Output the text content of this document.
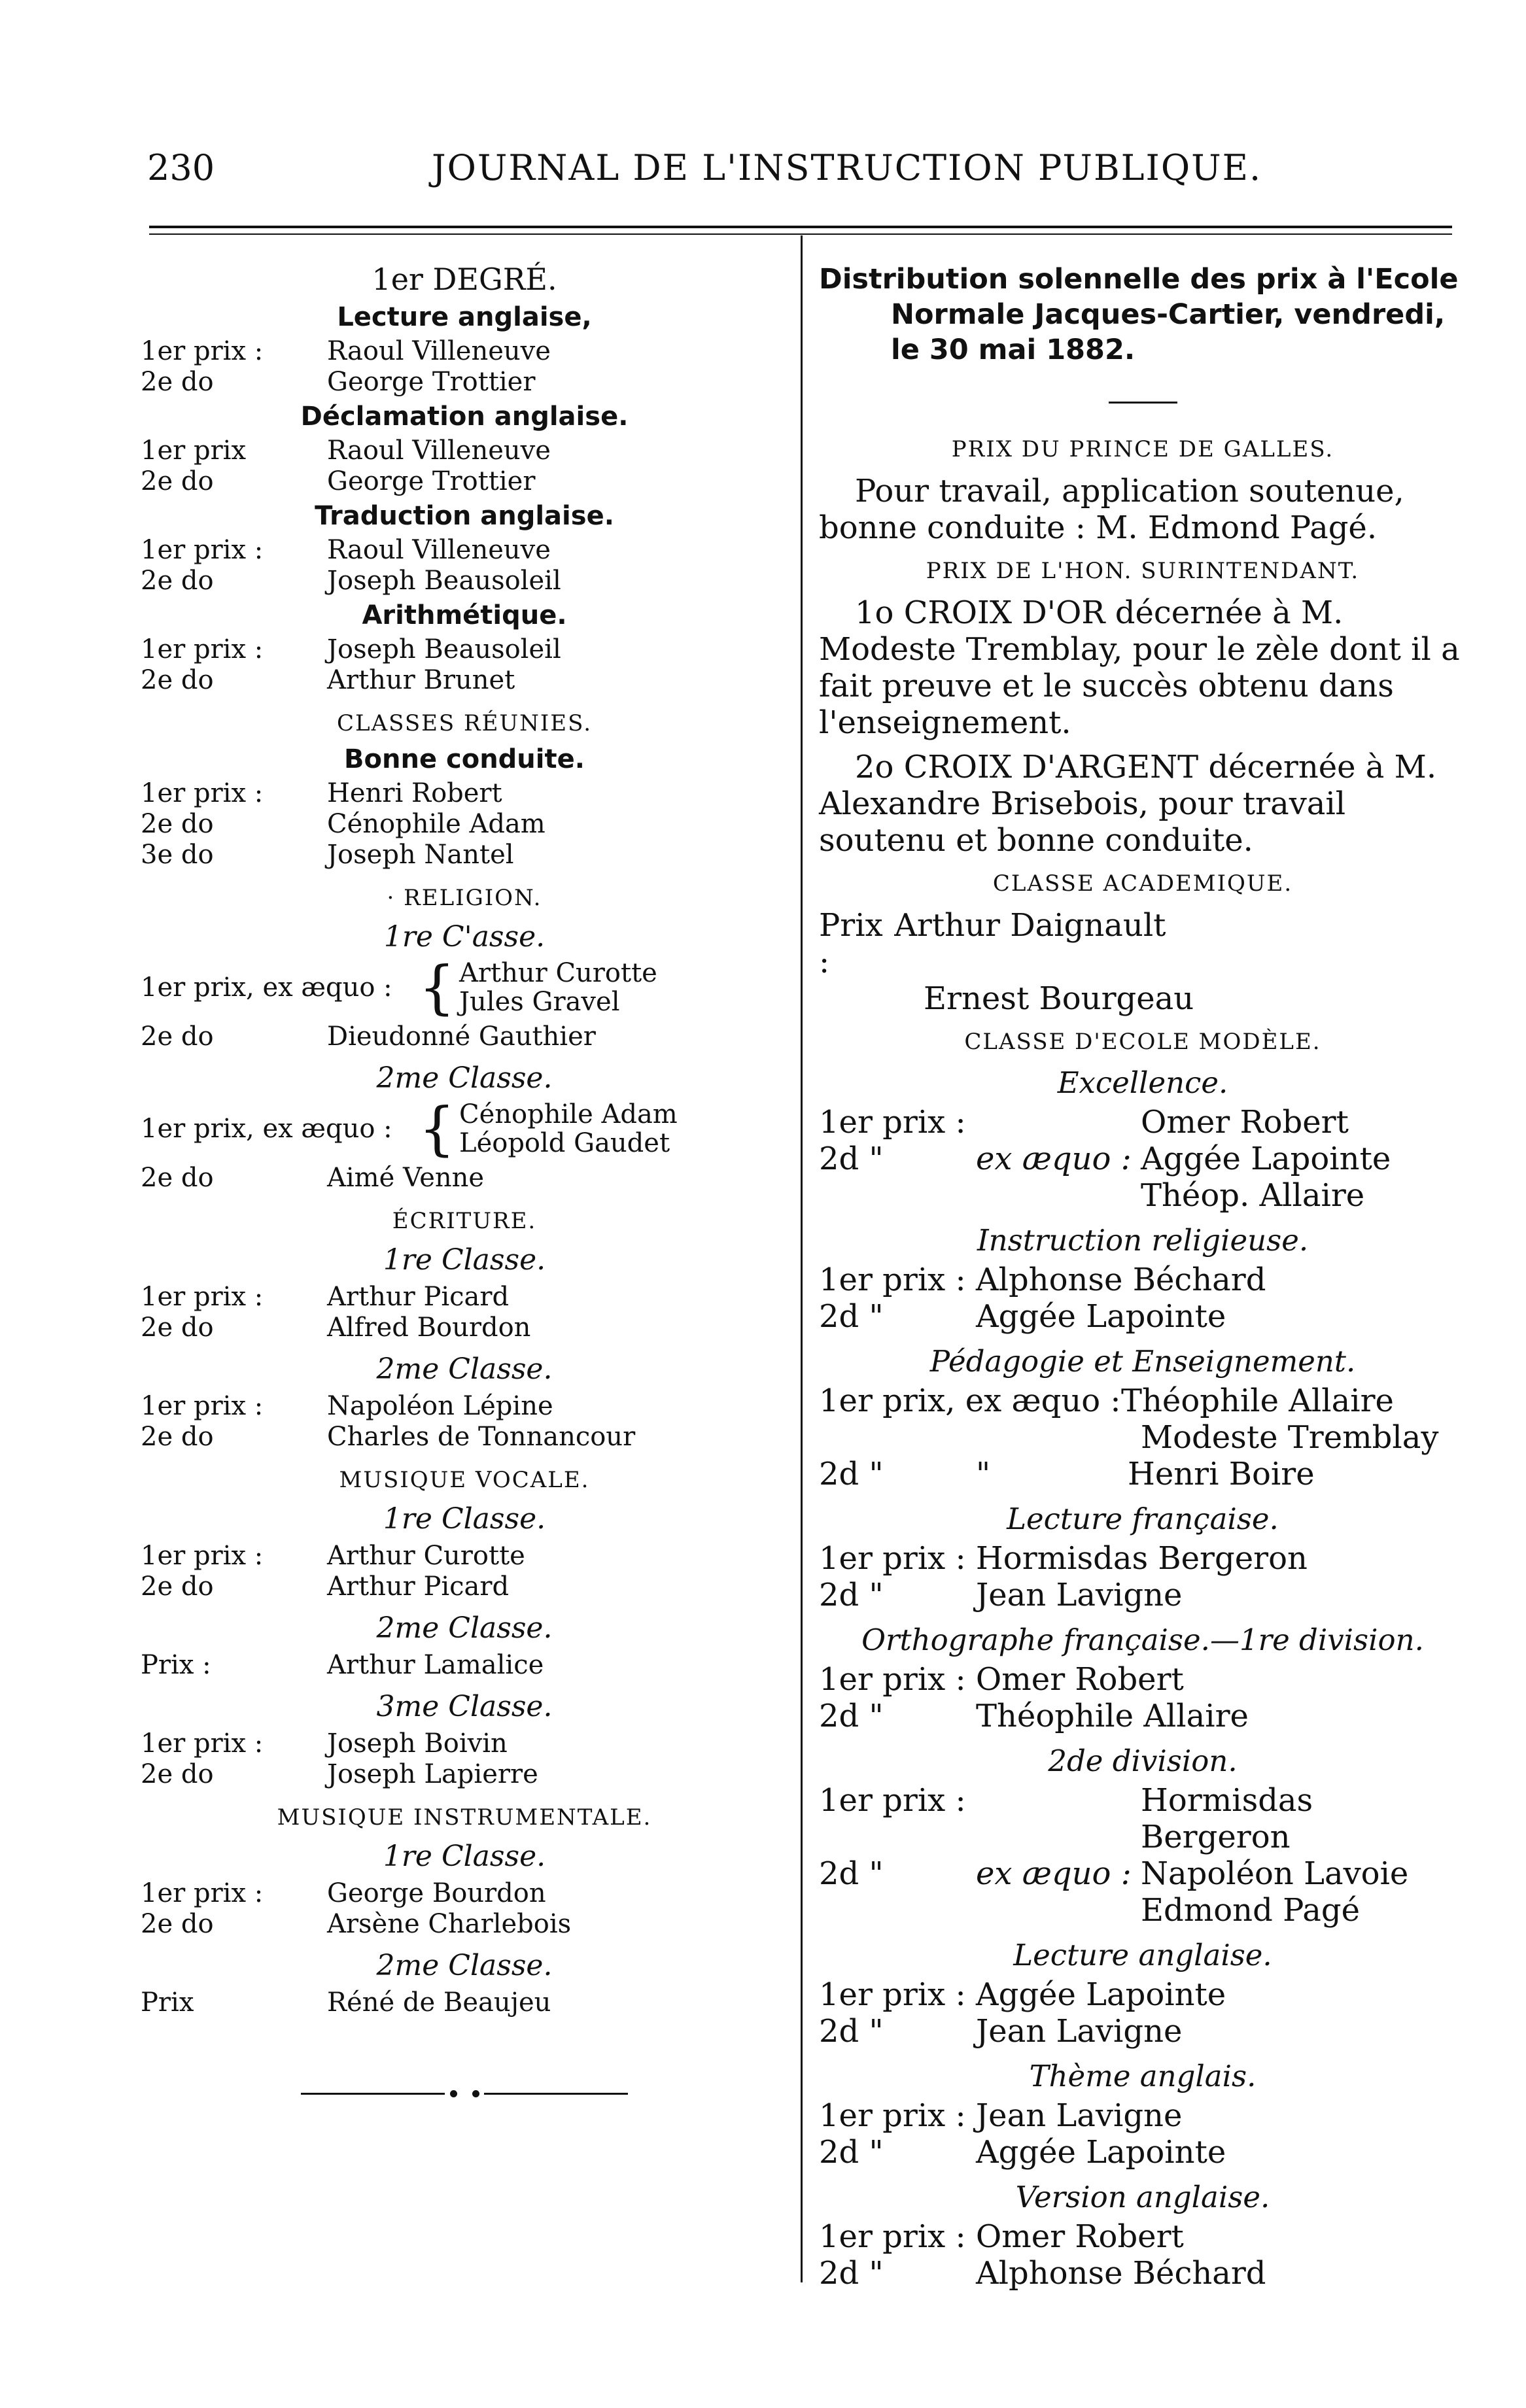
230	JOURNAL DE L'INSTRUCTION PUBLIQUE.
1er DEGRÉ.
Lecture anglaise,
1er prix :	Raoul Villeneuve
2e do	George Trottier
Déclamation anglaise.
1er prix	Raoul Villeneuve
2e do	George Trottier
Traduction anglaise.
1er prix :	Raoul Villeneuve
2e do	Joseph Beausoleil
Arithmétique.
1er prix :	Joseph Beausoleil
2e do	Arthur Brunet
CLASSES RÉUNIES.
Bonne conduite.
1er prix :	Henri Robert
2e do	Cénophile Adam
3e do	Joseph Nantel
· RELIGION.
1re C'asse.
1er prix, ex æquo : { Arthur Curotte
Jules Gravel
2e do	Dieudonné Gauthier
2me Classe.
1er prix, ex æquo : { Cénophile Adam
Léopold Gaudet
2e do	Aimé Venne
ÉCRITURE.
1re Classe.
1er prix :	Arthur Picard
2e do	Alfred Bourdon
2me Classe.
1er prix :	Napoléon Lépine
2e do	Charles de Tonnancour
MUSIQUE VOCALE.
1re Classe.
1er prix :	Arthur Curotte
2e do	Arthur Picard
2me Classe.
Prix :	Arthur Lamalice
3me Classe.
1er prix :	Joseph Boivin
2e do	Joseph Lapierre
MUSIQUE INSTRUMENTALE.
1re Classe.
1er prix :	George Bourdon
2e do	Arsène Charlebois
2me Classe.
Prix	Réné de Beaujeu
Distribution solennelle des prix à l'Ecole
Normale Jacques-Cartier, vendredi,
le 30 mai 1882.
PRIX DU PRINCE DE GALLES.
Pour travail, application soutenue, bonne conduite : M. Edmond Pagé.
PRIX DE L'HON. SURINTENDANT.
1o CROIX D'OR décernée à M. Modeste Tremblay, pour le zèle dont il a fait preuve et le succès obtenu dans l'enseignement.
2o CROIX D'ARGENT décernée à M. Alexandre Brisebois, pour travail soutenu et bonne conduite.
CLASSE ACADEMIQUE.
Prix :
Arthur Daignault
Ernest Bourgeau
CLASSE D'ECOLE MODÈLE.
Excellence.
1er prix :	Omer Robert
2d "	ex æquo : Aggée Lapointe
Théop. Allaire
Instruction religieuse.
1er prix : Alphonse Béchard
2d "	Aggée Lapointe
Pédagogie et Enseignement.
1er prix, ex æquo : Théophile Allaire
Modeste Tremblay
2d "	"	Henri Boire
Lecture française.
1er prix : Hormisdas Bergeron
2d "	Jean Lavigne
Orthographe française.—1re division.
1er prix : Omer Robert
2d "	Théophile Allaire
2de division.
1er prix :	Hormisdas Bergeron
2d "	ex æquo : Napoléon Lavoie
Edmond Pagé
Lecture anglaise.
1er prix : Aggée Lapointe
2d "	Jean Lavigne
Thème anglais.
1er prix : Jean Lavigne
2d "	Aggée Lapointe
Version anglaise.
1er prix : Omer Robert
2d "	Alphonse Béchard
